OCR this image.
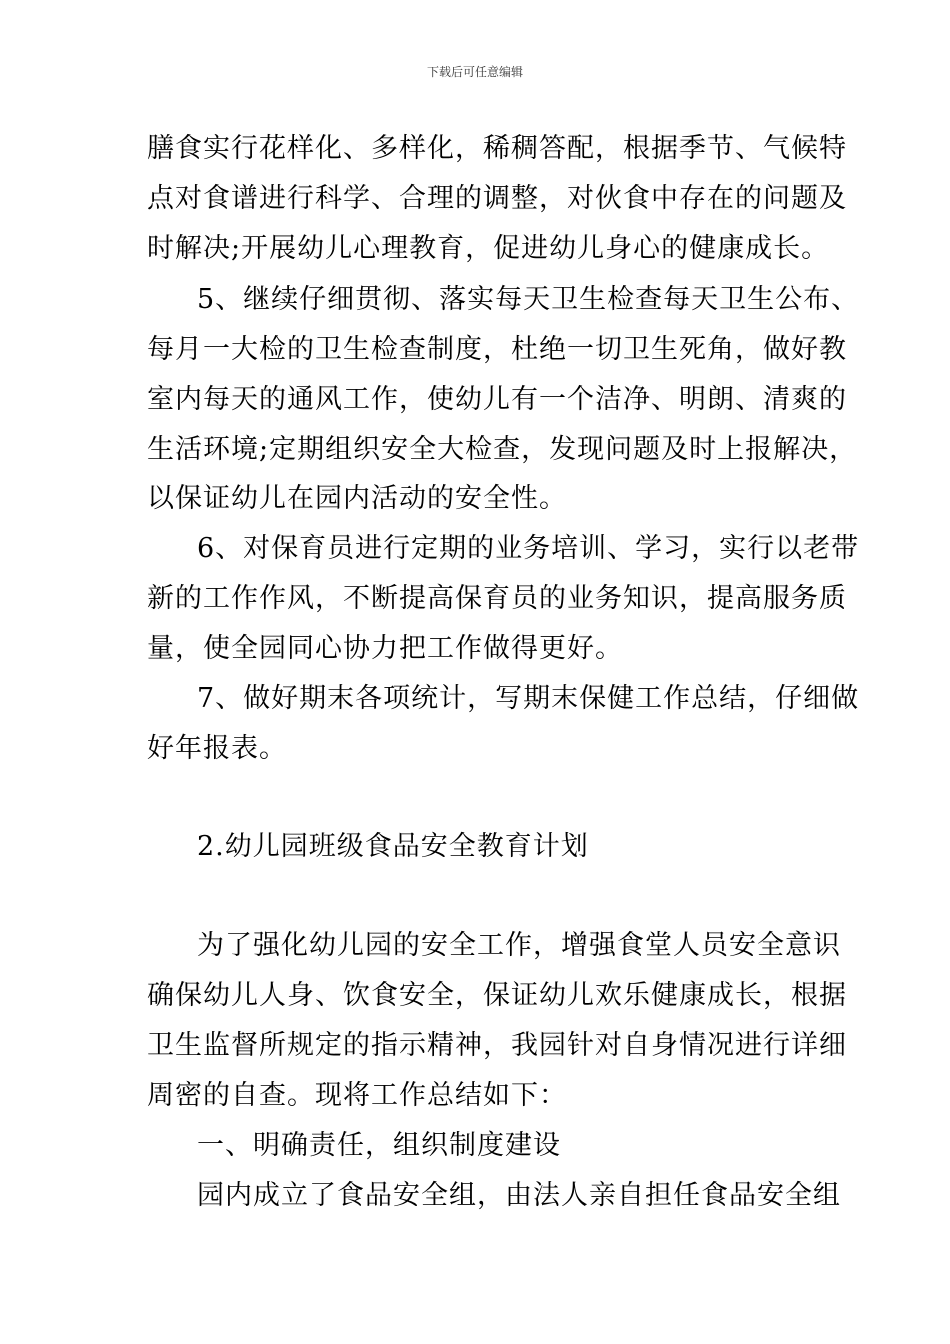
下载后可任意编辑
膳食实行花样化、多样化，稀稠答配，根据季节、气候特
点对食谱进行科学、合理的调整，对伙食中存在的问题及
时解决;开展幼儿心理教育，促进幼儿身心的健康成长。
5、继续仔细贯彻、落实每天卫生检查每天卫生公布、
每月一大检的卫生检查制度，杜绝一切卫生死角，做好教
室内每天的通风工作，使幼儿有一个洁净、明朗、清爽的
生活环境;定期组织安全大检查，发现问题及时上报解决，
以保证幼儿在园内活动的安全性。
6、对保育员进行定期的业务培训、学习，实行以老带
新的工作作风，不断提高保育员的业务知识，提高服务质
量，使全园同心协力把工作做得更好。
7、做好期末各项统计，写期末保健工作总结，仔细做
好年报表。
2.幼儿园班级食品安全教育计划
为了强化幼儿园的安全工作，增强食堂人员安全意识
确保幼儿人身、饮食安全，保证幼儿欢乐健康成长，根据
卫生监督所规定的指示精神，我园针对自身情况进行详细
周密的自查。现将工作总结如下：
一、明确责任，组织制度建设
园内成立了食品安全组，由法人亲自担任食品安全组
